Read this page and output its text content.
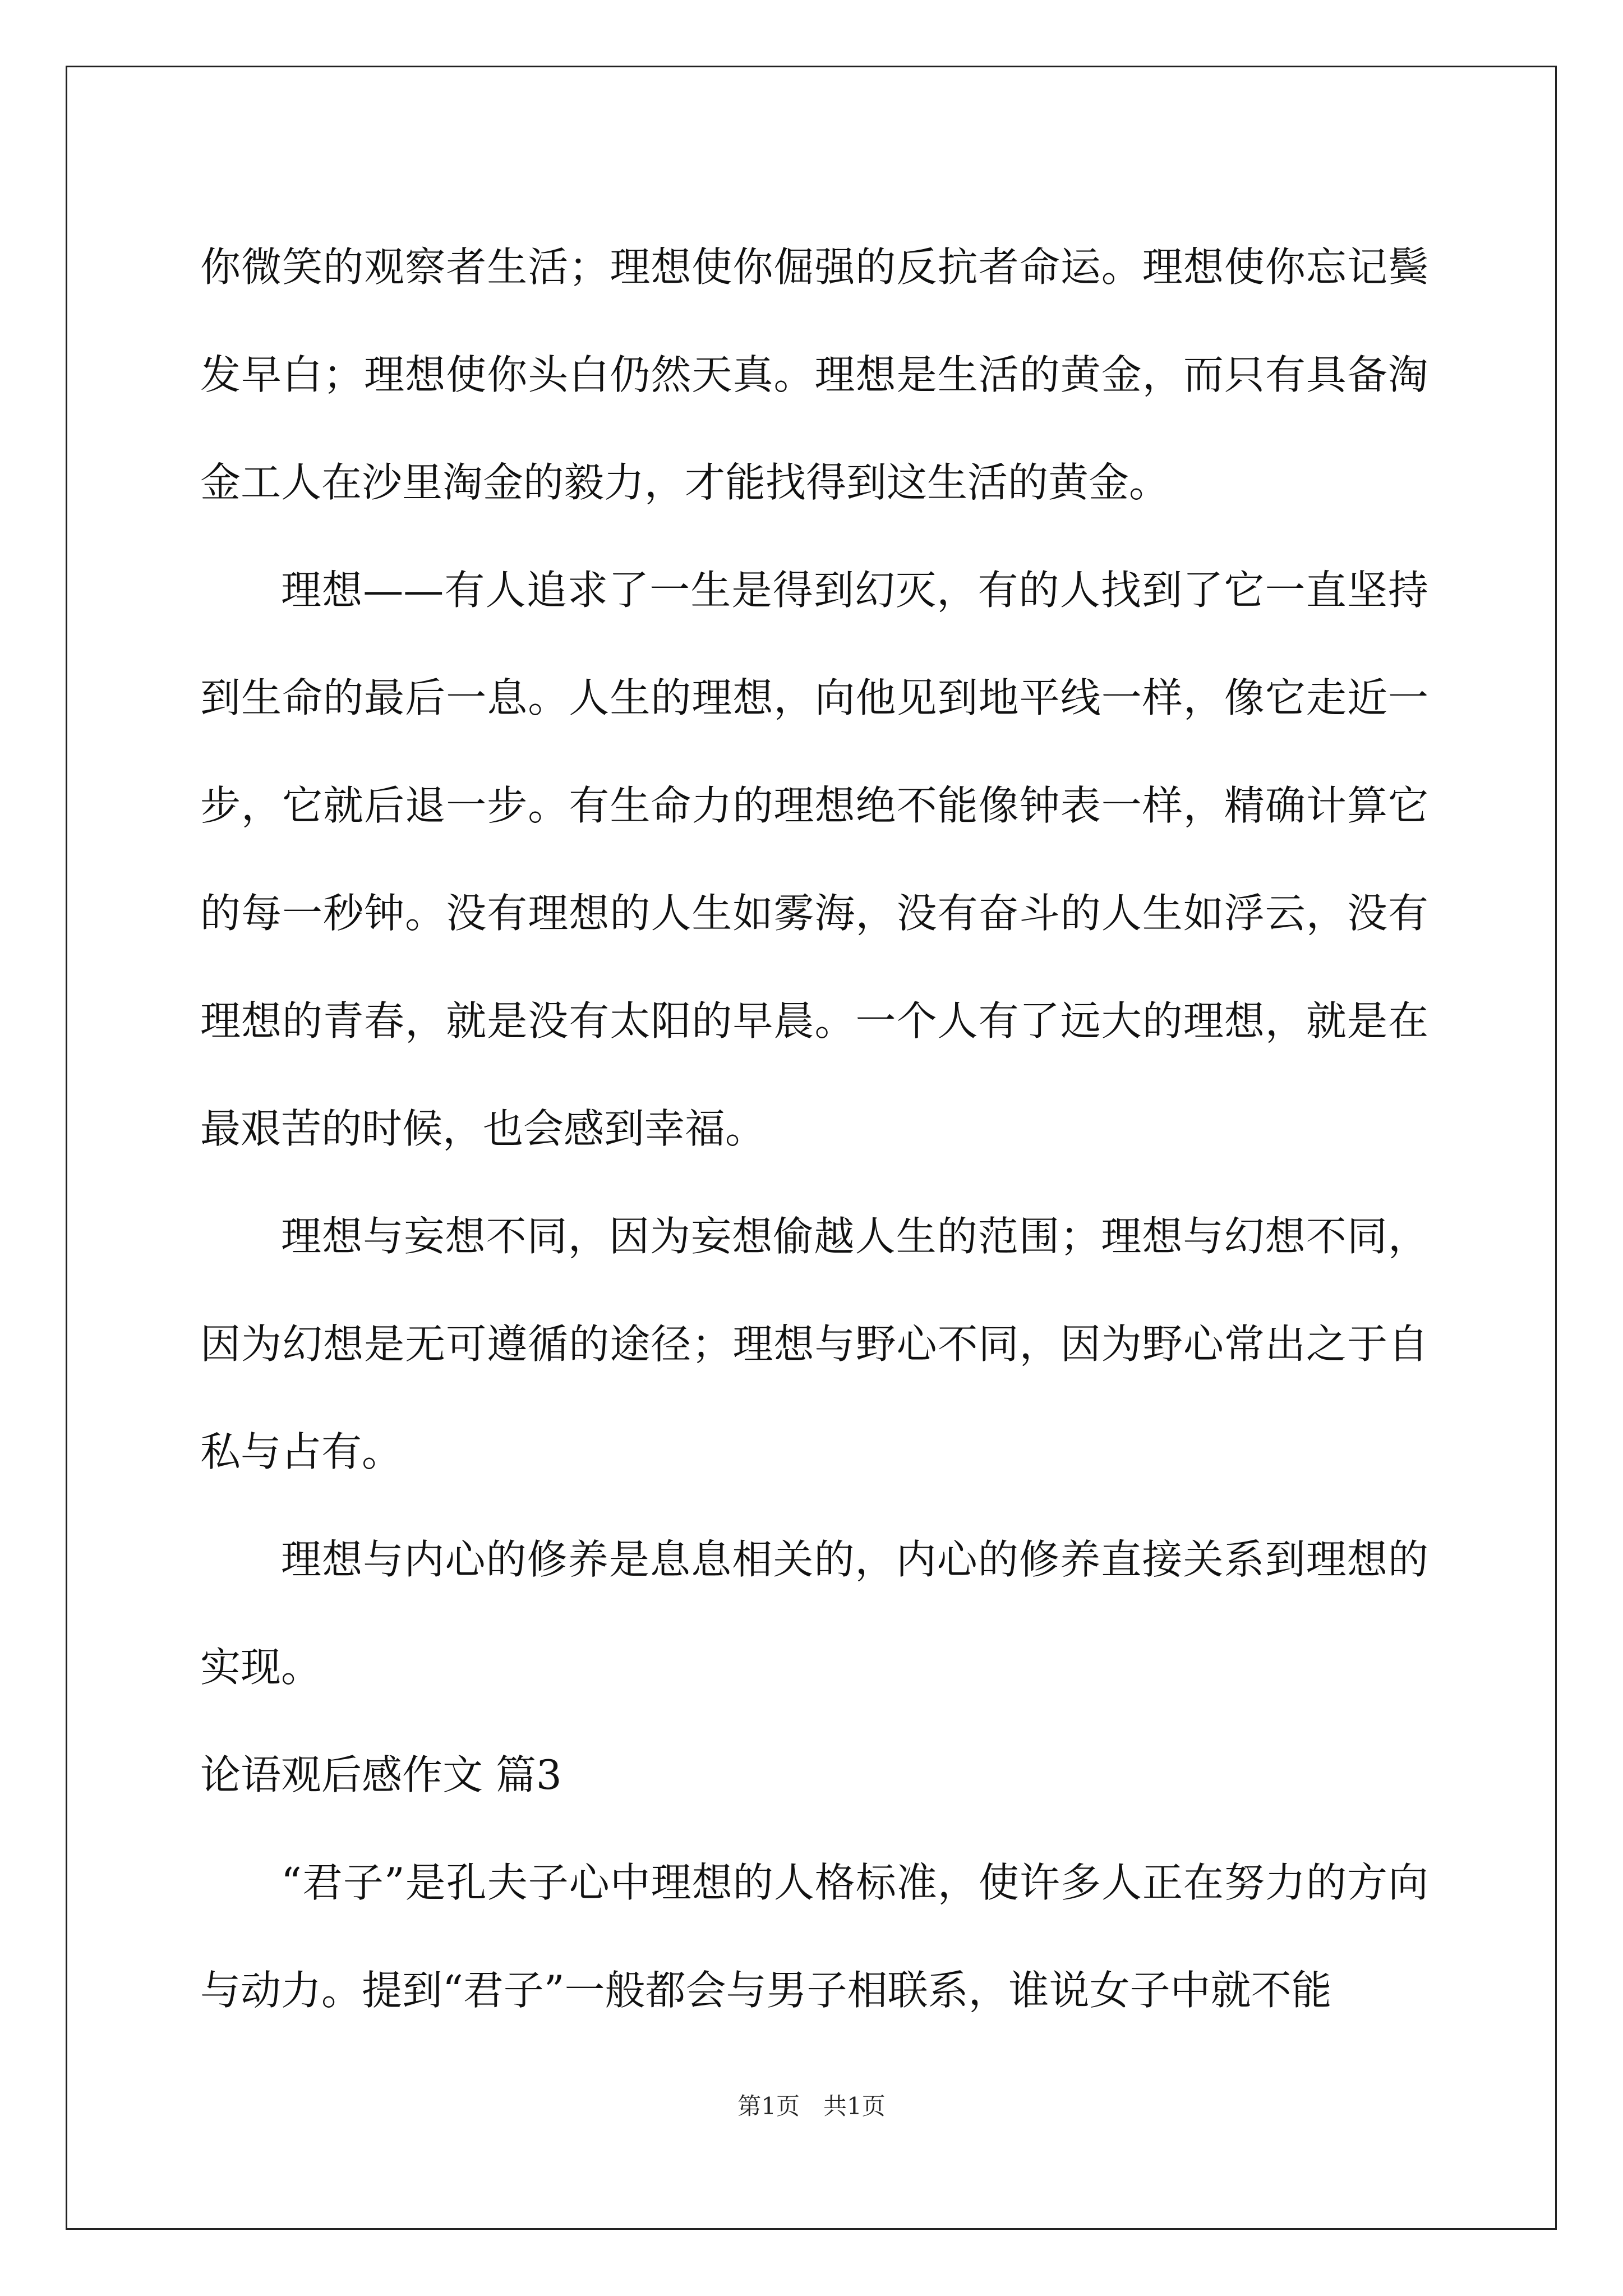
你微笑的观察者生活；理想使你倔强的反抗者命运。理想使你忘记鬓发早白；理想使你头白仍然天真。理想是生活的黄金，而只有具备淘金工人在沙里淘金的毅力，才能找得到这生活的黄金。

理想——有人追求了一生是得到幻灭，有的人找到了它一直坚持到生命的最后一息。人生的理想，向他见到地平线一样，像它走近一步，它就后退一步。有生命力的理想绝不能像钟表一样，精确计算它的每一秒钟。没有理想的人生如雾海，没有奋斗的人生如浮云，没有理想的青春，就是没有太阳的早晨。一个人有了远大的理想，就是在最艰苦的时候，也会感到幸福。

理想与妄想不同，因为妄想偷越人生的范围；理想与幻想不同，因为幻想是无可遵循的途径；理想与野心不同，因为野心常出之于自私与占有。

理想与内心的修养是息息相关的，内心的修养直接关系到理想的实现。

论语观后感作文 篇3

“君子”是孔夫子心中理想的人格标准，使许多人正在努力的方向与动力。提到“君子”一般都会与男子相联系，谁说女子中就不能

第1页　共1页
